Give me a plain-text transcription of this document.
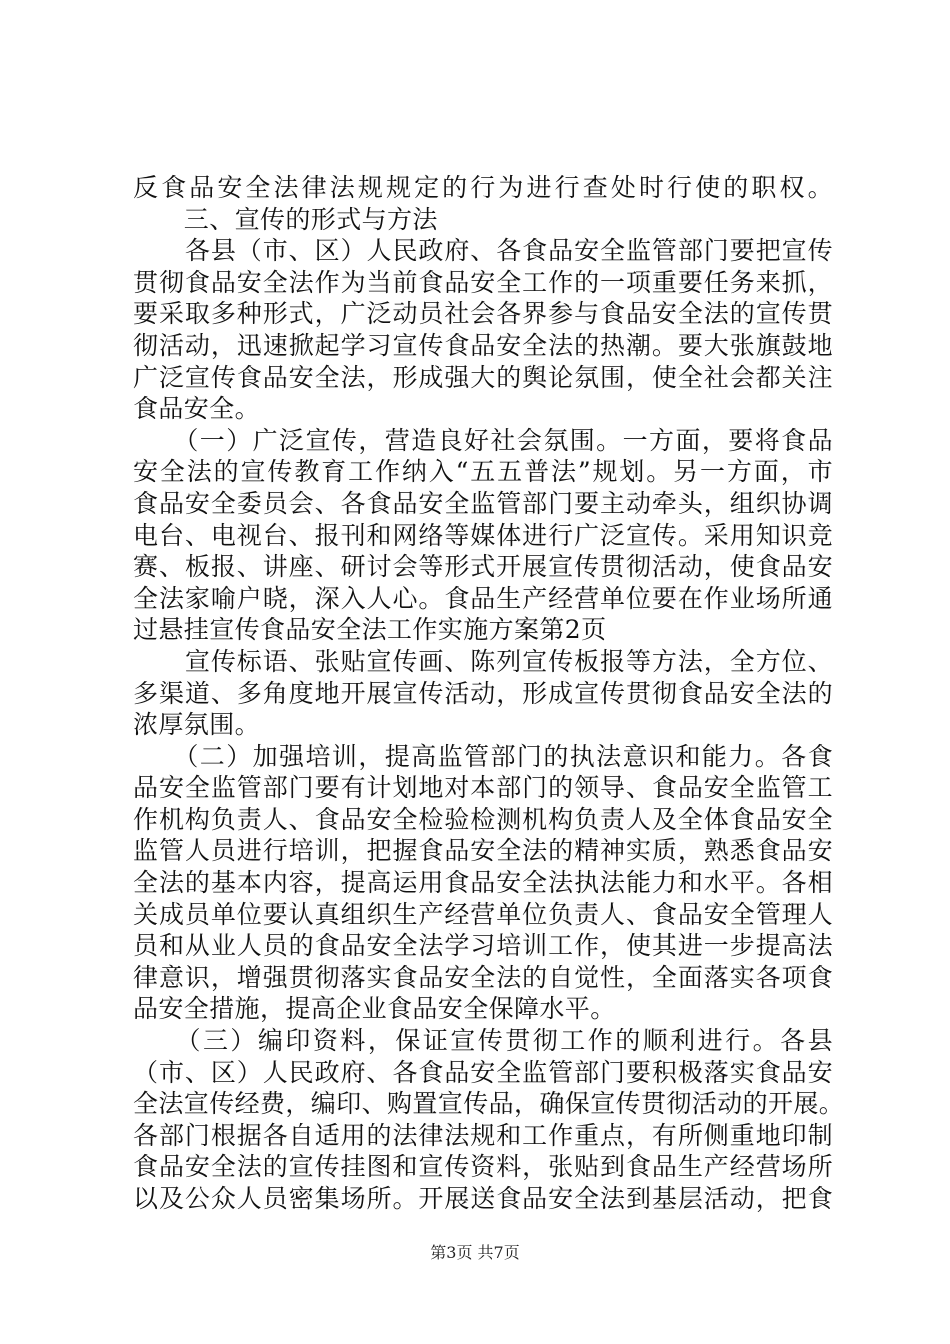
反食品安全法律法规规定的行为进行查处时行使的职权。
　　三、宣传的形式与方法
　　各县（市、区）人民政府、各食品安全监管部门要把宣传
贯彻食品安全法作为当前食品安全工作的一项重要任务来抓，
要采取多种形式，广泛动员社会各界参与食品安全法的宣传贯
彻活动，迅速掀起学习宣传食品安全法的热潮。要大张旗鼓地
广泛宣传食品安全法，形成强大的舆论氛围，使全社会都关注
食品安全。
　　（一）广泛宣传，营造良好社会氛围。一方面，要将食品
安全法的宣传教育工作纳入“五五普法”规划。另一方面，市
食品安全委员会、各食品安全监管部门要主动牵头，组织协调
电台、电视台、报刊和网络等媒体进行广泛宣传。采用知识竞
赛、板报、讲座、研讨会等形式开展宣传贯彻活动，使食品安
全法家喻户晓，深入人心。食品生产经营单位要在作业场所通
过悬挂宣传食品安全法工作实施方案第2页
　　宣传标语、张贴宣传画、陈列宣传板报等方法，全方位、
多渠道、多角度地开展宣传活动，形成宣传贯彻食品安全法的
浓厚氛围。
　　（二）加强培训，提高监管部门的执法意识和能力。各食
品安全监管部门要有计划地对本部门的领导、食品安全监管工
作机构负责人、食品安全检验检测机构负责人及全体食品安全
监管人员进行培训，把握食品安全法的精神实质，熟悉食品安
全法的基本内容，提高运用食品安全法执法能力和水平。各相
关成员单位要认真组织生产经营单位负责人、食品安全管理人
员和从业人员的食品安全法学习培训工作，使其进一步提高法
律意识，增强贯彻落实食品安全法的自觉性，全面落实各项食
品安全措施，提高企业食品安全保障水平。
　　（三）编印资料，保证宣传贯彻工作的顺利进行。各县
（市、区）人民政府、各食品安全监管部门要积极落实食品安
全法宣传经费，编印、购置宣传品，确保宣传贯彻活动的开展。
各部门根据各自适用的法律法规和工作重点，有所侧重地印制
食品安全法的宣传挂图和宣传资料，张贴到食品生产经营场所
以及公众人员密集场所。开展送食品安全法到基层活动，把食
第3页 共7页
